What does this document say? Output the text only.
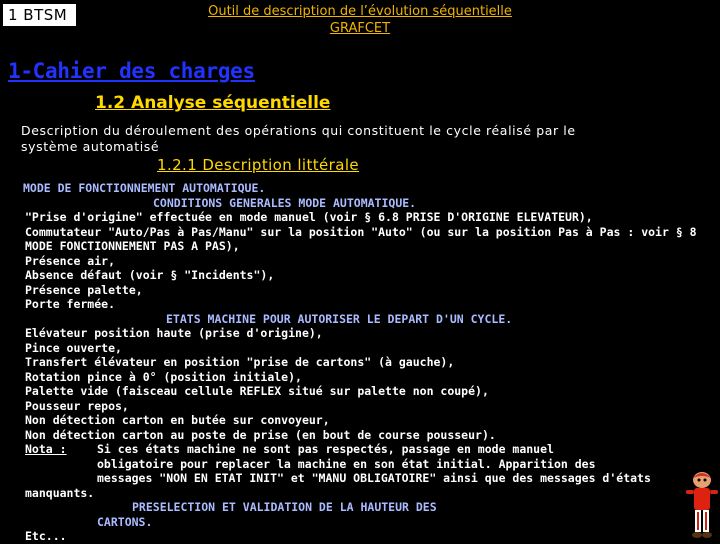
1 BTSM	Outil de description de l’évolution séquentielle
GRAFCET
1-Cahier des charges
1.2 Analyse séquentielle
Description du déroulement des opérations qui constituent le cycle réalisé par le
système automatisé
1.2.1 Description littérale
MODE DE FONCTIONNEMENT AUTOMATIQUE.
CONDITIONS GENERALES MODE AUTOMATIQUE.
"Prise d'origine" effectuée en mode manuel (voir § 6.8 PRISE D'ORIGINE ELEVATEUR),
Commutateur "Auto/Pas à Pas/Manu" sur la position "Auto" (ou sur la position Pas à Pas : voir § 8
MODE FONCTIONNEMENT PAS A PAS),
Présence air,
Absence défaut (voir § "Incidents"),
Présence palette,
Porte fermée.
ETATS MACHINE POUR AUTORISER LE DEPART D'UN CYCLE.
Elévateur position haute (prise d'origine),
Pince ouverte,
Transfert élévateur en position "prise de cartons" (à gauche),
Rotation pince à 0° (position initiale),
Palette vide (faisceau cellule REFLEX situé sur palette non coupé),
Pousseur repos,
Non détection carton en butée sur convoyeur,
Non détection carton au poste de prise (en bout de course pousseur).
Nota :	Si ces états machine ne sont pas respectés, passage en mode manuel
obligatoire pour replacer la machine en son état initial. Apparition des
messages "NON EN ETAT INIT" et "MANU OBLIGATOIRE" ainsi que des messages d'états
manquants.
PRESELECTION ET VALIDATION DE LA HAUTEUR DES
CARTONS.
Etc...
